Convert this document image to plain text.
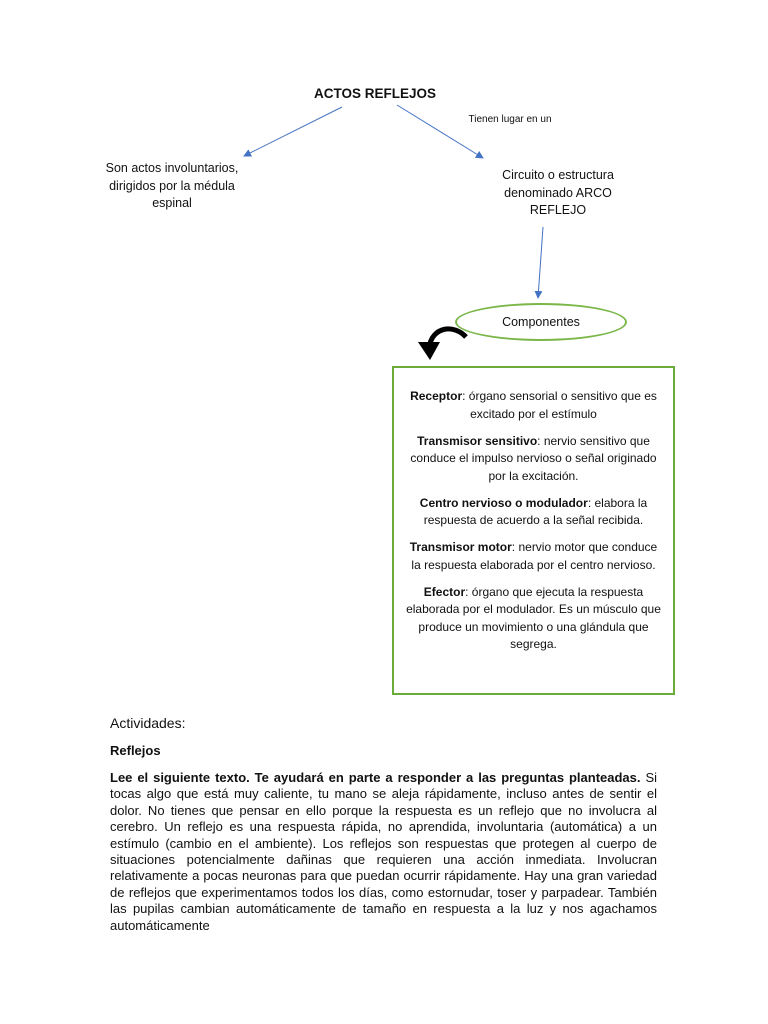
ACTOS REFLEJOS
Tienen lugar en un
Son actos involuntarios, dirigidos por la médula espinal
Circuito o estructura denominado ARCO REFLEJO
Componentes

Receptor: órgano sensorial o sensitivo que es excitado por el estímulo

Transmisor sensitivo: nervio sensitivo que conduce el impulso nervioso o señal originado por la excitación.

Centro nervioso o modulador: elabora la respuesta de acuerdo a la señal recibida.

Transmisor motor: nervio motor que conduce la respuesta elaborada por el centro nervioso.

Efector: órgano que ejecuta la respuesta elaborada por el modulador. Es un músculo que produce un movimiento o una glándula que segrega.

Actividades:
Reflejos
Lee el siguiente texto. Te ayudará en parte a responder a las preguntas planteadas. Si tocas algo que está muy caliente, tu mano se aleja rápidamente, incluso antes de sentir el dolor. No tienes que pensar en ello porque la respuesta es un reflejo que no involucra al cerebro. Un reflejo es una respuesta rápida, no aprendida, involuntaria (automática) a un estímulo (cambio en el ambiente). Los reflejos son respuestas que protegen al cuerpo de situaciones potencialmente dañinas que requieren una acción inmediata. Involucran relativamente a pocas neuronas para que puedan ocurrir rápidamente. Hay una gran variedad de reflejos que experimentamos todos los días, como estornudar, toser y parpadear. También las pupilas cambian automáticamente de tamaño en respuesta a la luz y nos agachamos automáticamente
